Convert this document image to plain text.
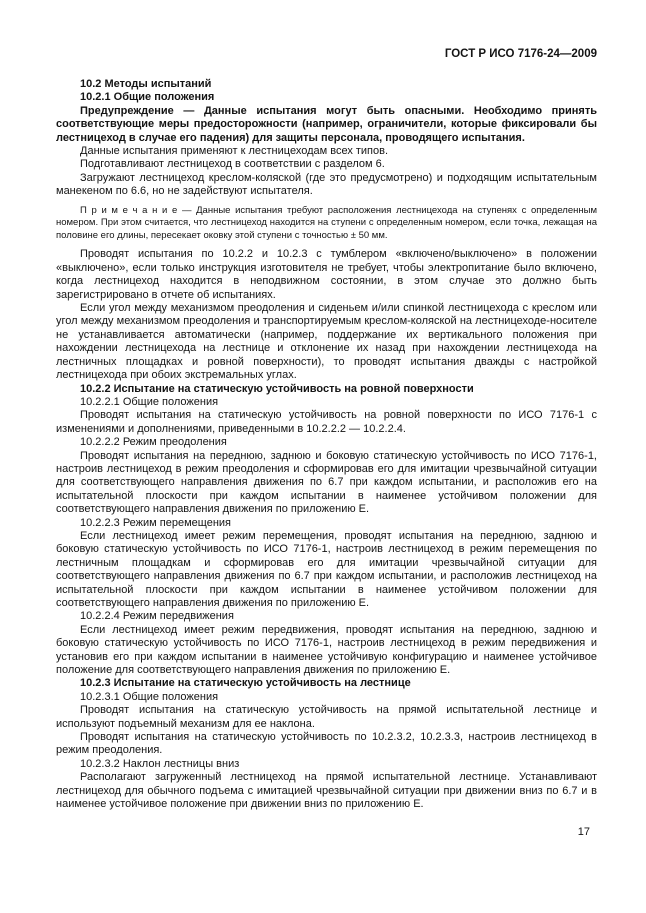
ГОСТ Р ИСО 7176-24—2009

10.2 Методы испытаний

10.2.1 Общие положения

Предупреждение — Данные испытания могут быть опасными. Необходимо принять соответствующие меры предосторожности (например, ограничители, которые фиксировали бы лестницеход в случае его падения) для защиты персонала, проводящего испытания.

Данные испытания применяют к лестницеходам всех типов.

Подготавливают лестницеход в соответствии с разделом 6.

Загружают лестницеход креслом-коляской (где это предусмотрено) и подходящим испытательным манекеном по 6.6, но не задействуют испытателя.

П р и м е ч а н и е — Данные испытания требуют расположения лестницехода на ступенях с определенным номером. При этом считается, что лестницеход находится на ступени с определенным номером, если точка, лежащая на половине его длины, пересекает оковку этой ступени с точностью ± 50 мм.

Проводят испытания по 10.2.2 и 10.2.3 с тумблером «включено/выключено» в положении «выключено», если только инструкция изготовителя не требует, чтобы электропитание было включено, когда лестницеход находится в неподвижном состоянии, в этом случае это должно быть зарегистрировано в отчете об испытаниях.

Если угол между механизмом преодоления и сиденьем и/или спинкой лестницехода с креслом или угол между механизмом преодоления и транспортируемым креслом-коляской на лестницеходе-носителе не устанавливается автоматически (например, поддержание их вертикального положения при нахождении лестницехода на лестнице и отклонение их назад при нахождении лестницехода на лестничных площадках и ровной поверхности), то проводят испытания дважды с настройкой лестницехода при обоих экстремальных углах.

10.2.2 Испытание на статическую устойчивость на ровной поверхности

10.2.2.1 Общие положения

Проводят испытания на статическую устойчивость на ровной поверхности по ИСО 7176-1 с изменениями и дополнениями, приведенными в 10.2.2.2 — 10.2.2.4.

10.2.2.2 Режим преодоления

Проводят испытания на переднюю, заднюю и боковую статическую устойчивость по ИСО 7176-1, настроив лестницеход в режим преодоления и сформировав его для имитации чрезвычайной ситуации для соответствующего направления движения по 6.7 при каждом испытании, и расположив его на испытательной плоскости при каждом испытании в наименее устойчивом положении для соответствующего направления движения по приложению Е.

10.2.2.3 Режим перемещения

Если лестницеход имеет режим перемещения, проводят испытания на переднюю, заднюю и боковую статическую устойчивость по ИСО 7176-1, настроив лестницеход в режим перемещения по лестничным площадкам и сформировав его для имитации чрезвычайной ситуации для соответствующего направления движения по 6.7 при каждом испытании, и расположив лестницеход на испытательной плоскости при каждом испытании в наименее устойчивом положении для соответствующего направления движения по приложению Е.

10.2.2.4 Режим передвижения

Если лестницеход имеет режим передвижения, проводят испытания на переднюю, заднюю и боковую статическую устойчивость по ИСО 7176-1, настроив лестницеход в режим передвижения и установив его при каждом испытании в наименее устойчивую конфигурацию и наименее устойчивое положение для соответствующего направления движения по приложению Е.

10.2.3 Испытание на статическую устойчивость на лестнице

10.2.3.1 Общие положения

Проводят испытания на статическую устойчивость на прямой испытательной лестнице и используют подъемный механизм для ее наклона.

Проводят испытания на статическую устойчивость по 10.2.3.2, 10.2.3.3, настроив лестницеход в режим преодоления.

10.2.3.2 Наклон лестницы вниз

Располагают загруженный лестницеход на прямой испытательной лестнице. Устанавливают лестницеход для обычного подъема с имитацией чрезвычайной ситуации при движении вниз по 6.7 и в наименее устойчивое положение при движении вниз по приложению Е.

17
